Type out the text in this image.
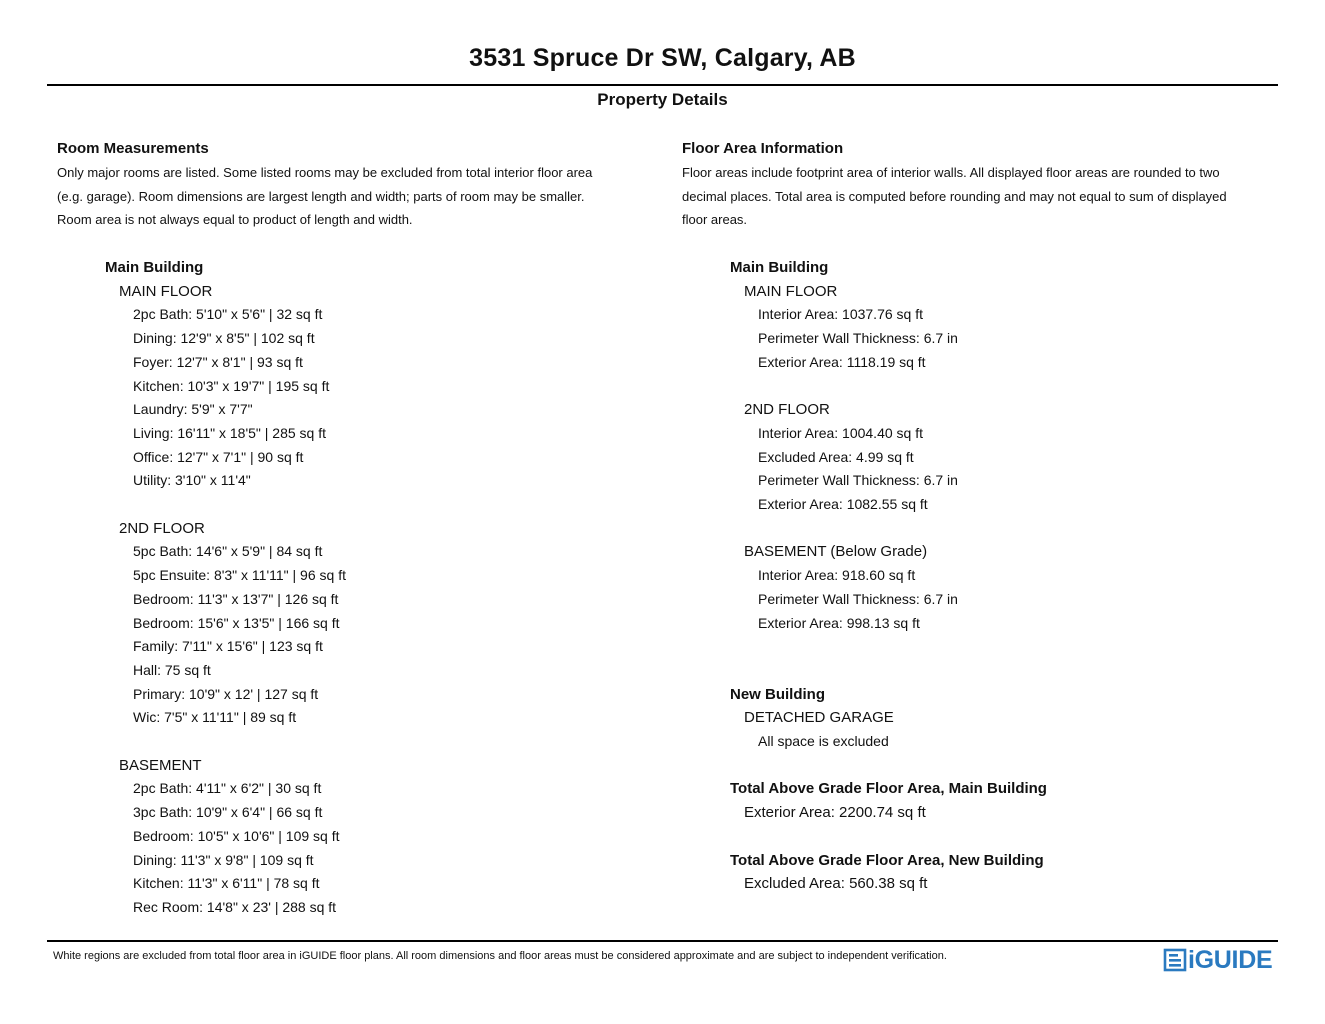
3531 Spruce Dr SW, Calgary, AB
Property Details
Room Measurements
Only major rooms are listed. Some listed rooms may be excluded from total interior floor area
(e.g. garage). Room dimensions are largest length and width; parts of room may be smaller.
Room area is not always equal to product of length and width.
Main Building
MAIN FLOOR
2pc Bath: 5'10" x 5'6" | 32 sq ft
Dining: 12'9" x 8'5" | 102 sq ft
Foyer: 12'7" x 8'1" | 93 sq ft
Kitchen: 10'3" x 19'7" | 195 sq ft
Laundry: 5'9" x 7'7"
Living: 16'11" x 18'5" | 285 sq ft
Office: 12'7" x 7'1" | 90 sq ft
Utility: 3'10" x 11'4"
2ND FLOOR
5pc Bath: 14'6" x 5'9" | 84 sq ft
5pc Ensuite: 8'3" x 11'11" | 96 sq ft
Bedroom: 11'3" x 13'7" | 126 sq ft
Bedroom: 15'6" x 13'5" | 166 sq ft
Family: 7'11" x 15'6" | 123 sq ft
Hall: 75 sq ft
Primary: 10'9" x 12' | 127 sq ft
Wic: 7'5" x 11'11" | 89 sq ft
BASEMENT
2pc Bath: 4'11" x 6'2" | 30 sq ft
3pc Bath: 10'9" x 6'4" | 66 sq ft
Bedroom: 10'5" x 10'6" | 109 sq ft
Dining: 11'3" x 9'8" | 109 sq ft
Kitchen: 11'3" x 6'11" | 78 sq ft
Rec Room: 14'8" x 23' | 288 sq ft
Floor Area Information
Floor areas include footprint area of interior walls. All displayed floor areas are rounded to two
decimal places. Total area is computed before rounding and may not equal to sum of displayed
floor areas.
Main Building
MAIN FLOOR
Interior Area: 1037.76 sq ft
Perimeter Wall Thickness: 6.7 in
Exterior Area: 1118.19 sq ft
2ND FLOOR
Interior Area: 1004.40 sq ft
Excluded Area: 4.99 sq ft
Perimeter Wall Thickness: 6.7 in
Exterior Area: 1082.55 sq ft
BASEMENT (Below Grade)
Interior Area: 918.60 sq ft
Perimeter Wall Thickness: 6.7 in
Exterior Area: 998.13 sq ft
New Building
DETACHED GARAGE
All space is excluded
Total Above Grade Floor Area, Main Building
Exterior Area: 2200.74 sq ft
Total Above Grade Floor Area, New Building
Excluded Area: 560.38 sq ft
White regions are excluded from total floor area in iGUIDE floor plans. All room dimensions and floor areas must be considered approximate and are subject to independent verification.	iGUIDE
